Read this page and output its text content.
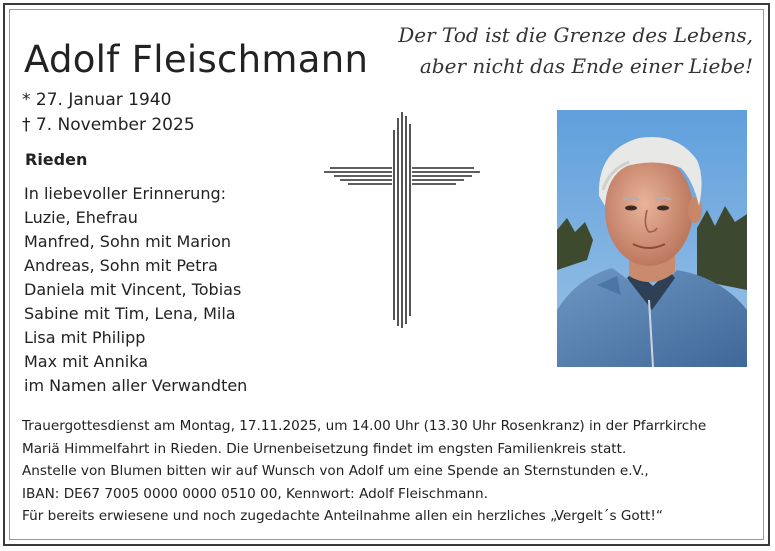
Adolf Fleischmann
Der Tod ist die Grenze des Lebens,
aber nicht das Ende einer Liebe!
* 27. Januar 1940
† 7. November 2025
Rieden
In liebevoller Erinnerung:
Luzie, Ehefrau
Manfred, Sohn mit Marion
Andreas, Sohn mit Petra
Daniela mit Vincent, Tobias
Sabine mit Tim, Lena, Mila
Lisa mit Philipp
Max mit Annika
im Namen aller Verwandten
Trauergottesdienst am Montag, 17.11.2025, um 14.00 Uhr (13.30 Uhr Rosenkranz) in der Pfarrkirche
Mariä Himmelfahrt in Rieden. Die Urnenbeisetzung findet im engsten Familienkreis statt.
Anstelle von Blumen bitten wir auf Wunsch von Adolf um eine Spende an Sternstunden e.V.,
IBAN: DE67 7005 0000 0000 0510 00, Kennwort: Adolf Fleischmann.
Für bereits erwiesene und noch zugedachte Anteilnahme allen ein herzliches „Vergelt´s Gott!“
